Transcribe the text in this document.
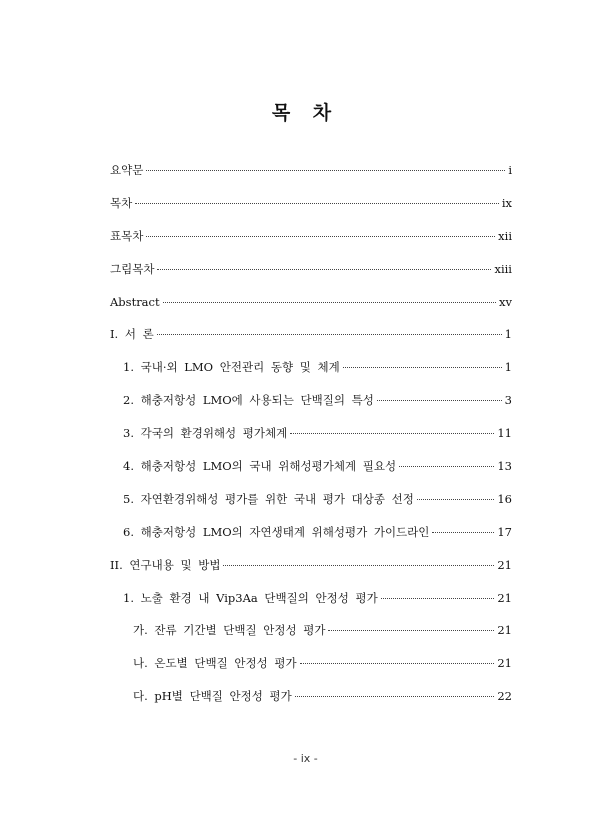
목 차
요약문	i
목차	ix
표목차	xii
그림목차	xiii
Abstract	xv
I. 서 론	1
1. 국내·외 LMO 안전관리 동향 및 체계	1
2. 해충저항성 LMO에 사용되는 단백질의 특성	3
3. 각국의 환경위해성 평가체계	11
4. 해충저항성 LMO의 국내 위해성평가체계 필요성	13
5. 자연환경위해성 평가를 위한 국내 평가 대상종 선정	16
6. 해충저항성 LMO의 자연생태계 위해성평가 가이드라인	17
II. 연구내용 및 방법	21
1. 노출 환경 내 Vip3Aa 단백질의 안정성 평가	21
가. 잔류 기간별 단백질 안정성 평가	21
나. 온도별 단백질 안정성 평가	21
다. pH별 단백질 안정성 평가	22
- ix -
